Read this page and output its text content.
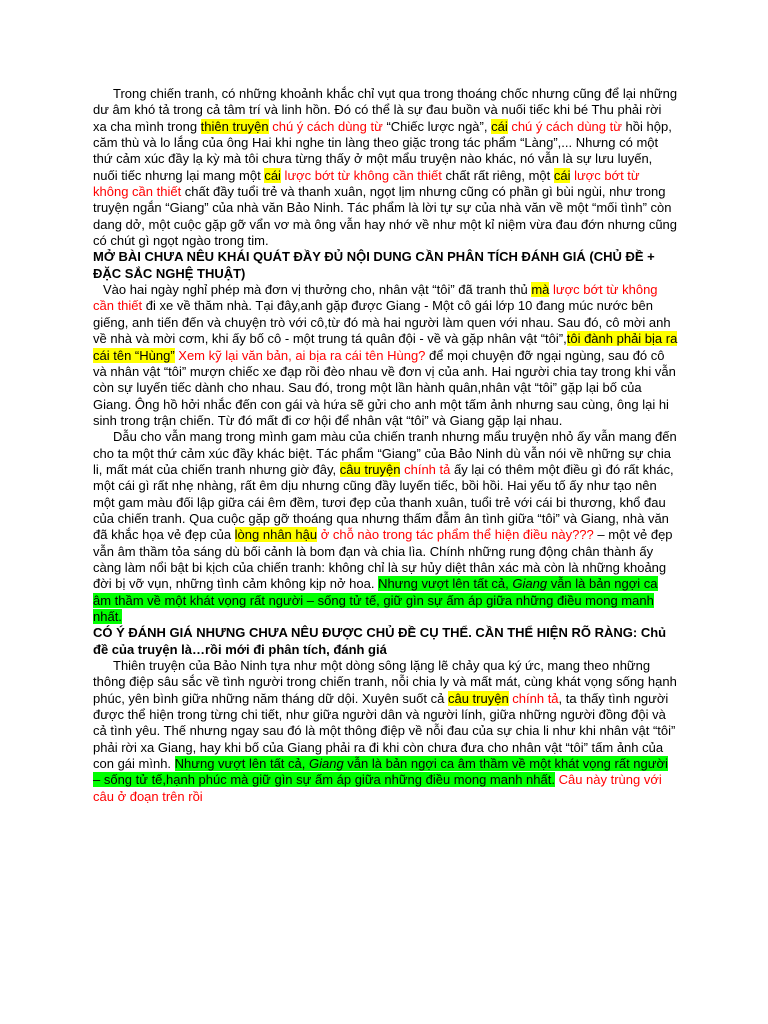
Trong chiến tranh, có những khoảnh khắc chỉ vụt qua trong thoáng chốc nhưng cũng để lại những dư âm khó tả trong cả tâm trí và linh hồn. Đó có thể là sự đau buồn và nuối tiếc khi bé Thu phải rời xa cha mình trong thiên truyện chú ý cách dùng từ “Chiếc lược ngà”, cái chú ý cách dùng từ hồi hộp, căm thù và lo lắng của ông Hai khi nghe tin làng theo giặc trong tác phẩm “Làng”,... Nhưng có một thứ cảm xúc đầy lạ kỳ mà tôi chưa từng thấy ở một mẩu truyện nào khác, nó vẫn là sự lưu luyến, nuối tiếc nhưng lại mang một cái lược bớt từ không cần thiết chất rất riêng, một cái lược bớt từ không cần thiết chất đầy tuổi trẻ và thanh xuân, ngọt lịm nhưng cũng có phần gì bùi ngùi, như trong truyện ngắn “Giang” của nhà văn Bảo Ninh. Tác phẩm là lời tự sự của nhà văn về một “mối tình” còn dang dở, một cuộc gặp gỡ vẩn vơ mà ông vẫn hay nhớ về như một kỉ niệm vừa đau đớn nhưng cũng có chút gì ngọt ngào trong tim.

MỞ BÀI CHƯA NÊU KHÁI QUÁT ĐẦY ĐỦ NỘI DUNG CẦN PHÂN TÍCH ĐÁNH GIÁ (CHỦ ĐỀ + ĐẶC SẮC NGHỆ THUẬT)

Vào hai ngày nghỉ phép mà đơn vị thưởng cho, nhân vật “tôi” đã tranh thủ mà lược bớt từ không cần thiết đi xe về thăm nhà. Tại đây,anh gặp được Giang - Một cô gái lớp 10 đang múc nước bên giếng, anh tiến đến và chuyện trò với cô,từ đó mà hai người làm quen với nhau. Sau đó, cô mời anh về nhà và mời cơm, khi ấy bố cô - một trung tá quân đội - về và gặp nhân vật “tôi”,tôi đành phải bịa ra cái tên “Hùng” Xem kỹ lại văn bản, ai bịa ra cái tên Hùng? để mọi chuyện đỡ ngại ngùng, sau đó cô và nhân vật “tôi” mượn chiếc xe đạp rồi đèo nhau về đơn vị của anh. Hai người chia tay trong khi vẫn còn sự luyến tiếc dành cho nhau. Sau đó, trong một lần hành quân,nhân vật “tôi” gặp lại bố của Giang. Ông hồ hởi nhắc đến con gái và hứa sẽ gửi cho anh một tấm ảnh nhưng sau cùng, ông lại hi sinh trong trận chiến. Từ đó mất đi cơ hội để nhân vật “tôi” và Giang gặp lại nhau.

Dẫu cho vẫn mang trong mình gam màu của chiến tranh nhưng mẩu truyện nhỏ ấy vẫn mang đến cho ta một thứ cảm xúc đầy khác biệt. Tác phẩm “Giang” của Bảo Ninh dù vẫn nói về những sự chia li, mất mát của chiến tranh nhưng giờ đây, câu truyện chính tả ấy lại có thêm một điều gì đó rất khác, một cái gì rất nhẹ nhàng, rất êm dịu nhưng cũng đầy luyến tiếc, bồi hồi. Hai yếu tố ấy như tạo nên một gam màu đối lập giữa cái êm đềm, tươi đẹp của thanh xuân, tuổi trẻ với cái bi thương, khổ đau của chiến tranh. Qua cuộc gặp gỡ thoáng qua nhưng thấm đẫm ân tình giữa “tôi” và Giang, nhà văn đã khắc họa vẻ đẹp của lòng nhân hậu ở chỗ nào trong tác phẩm thể hiện điều này??? – một vẻ đẹp vẫn âm thầm tỏa sáng dù bối cảnh là bom đạn và chia lìa. Chính những rung động chân thành ấy càng làm nổi bật bi kịch của chiến tranh: không chỉ là sự hủy diệt thân xác mà còn là những khoảng đời bị vỡ vụn, những tình cảm không kịp nở hoa. Nhưng vượt lên tất cả, Giang vẫn là bản ngợi ca âm thầm về một khát vọng rất người – sống tử tế, giữ gìn sự ấm áp giữa những điều mong manh nhất.

CÓ Ý ĐÁNH GIÁ NHƯNG CHƯA NÊU ĐƯỢC CHỦ ĐỀ CỤ THỂ. CẦN THỂ HIỆN RÕ RÀNG: Chủ đề của truyện là…rồi mới đi phân tích, đánh giá

Thiên truyện của Bảo Ninh tựa như một dòng sông lặng lẽ chảy qua ký ức, mang theo những thông điệp sâu sắc về tình người trong chiến tranh, nỗi chia ly và mất mát, cùng khát vọng sống hạnh phúc, yên bình giữa những năm tháng dữ dội. Xuyên suốt cả câu truyện chính tả, ta thấy tình người được thể hiện trong từng chi tiết, như giữa người dân và người lính, giữa những người đồng đội và cả tình yêu. Thế nhưng ngay sau đó là một thông điệp về nỗi đau của sự chia li như khi nhân vật “tôi” phải rời xa Giang, hay khi bố của Giang phải ra đi khi còn chưa đưa cho nhân vật “tôi” tấm ảnh của con gái mình. Nhưng vượt lên tất cả, Giang vẫn là bản ngợi ca âm thầm về một khát vọng rất người – sống tử tế,hạnh phúc mà giữ gìn sự ấm áp giữa những điều mong manh nhất. Câu này trùng với câu ở đoạn trên rồi
